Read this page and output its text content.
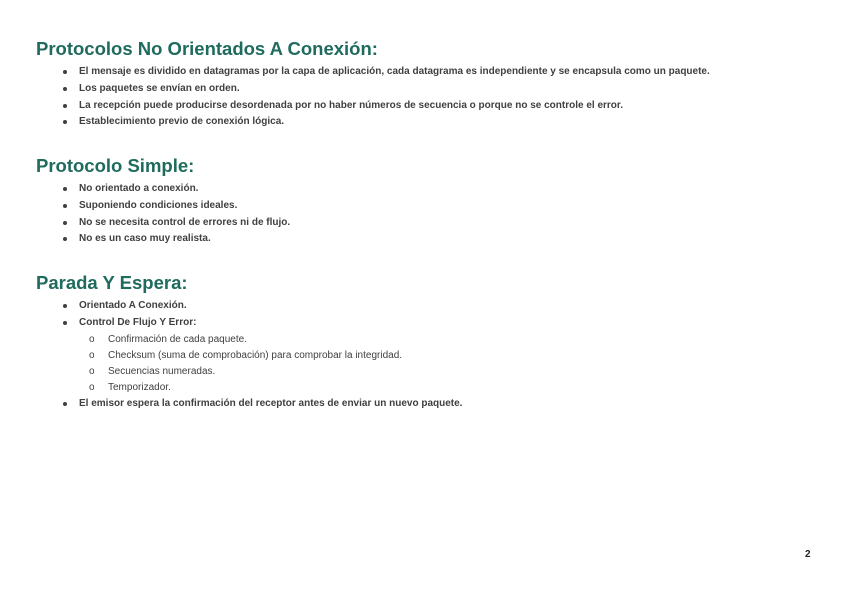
Protocolos No Orientados A Conexión:
El mensaje es dividido en datagramas por la capa de aplicación, cada datagrama es independiente y se encapsula como un paquete.
Los paquetes se envían en orden.
La recepción puede producirse desordenada por no haber números de secuencia o porque no se controle el error.
Establecimiento previo de conexión lógica.
Protocolo Simple:
No orientado a conexión.
Suponiendo condiciones ideales.
No se necesita control de errores ni de flujo.
No es un caso muy realista.
Parada Y Espera:
Orientado A Conexión.
Control De Flujo Y Error:
o Confirmación de cada paquete.
o Checksum (suma de comprobación) para comprobar la integridad.
o Secuencias numeradas.
o Temporizador.
El emisor espera la confirmación del receptor antes de enviar un nuevo paquete.
2
